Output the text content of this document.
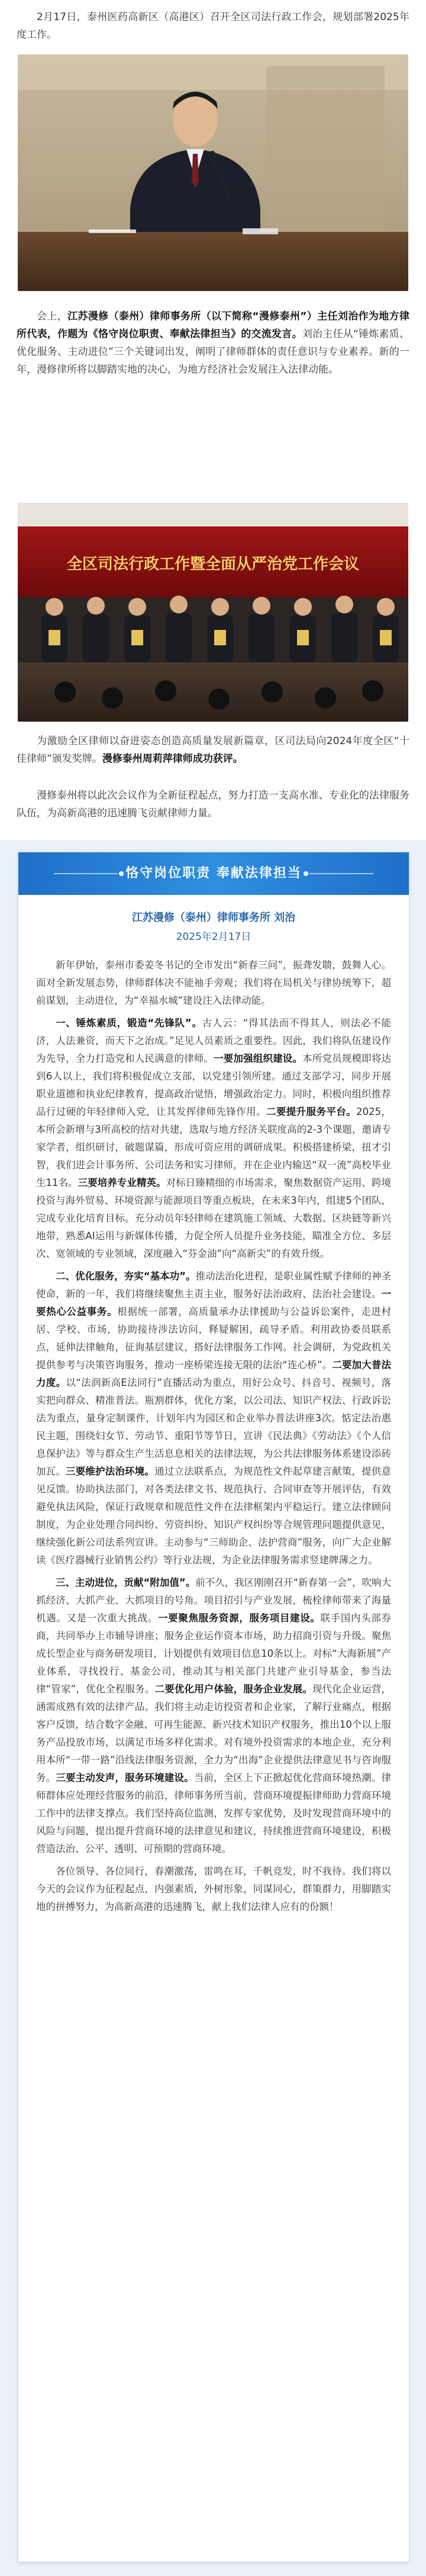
2月17日，泰州医药高新区（高港区）召开全区司法行政工作会，规划部署2025年度工作。

会上，江苏漫修（泰州）律师事务所（以下简称“漫修泰州”）主任刘治作为地方律所代表，作题为《恪守岗位职责、奉献法律担当》的交流发言。刘治主任从“锤炼素质、优化服务、主动进位”三个关键词出发，阐明了律师群体的责任意识与专业素养。新的一年，漫修律所将以脚踏实地的决心，为地方经济社会发展注入法律动能。

全区司法行政工作暨全面从严治党工作会议

为激励全区律师以奋进姿态创造高质量发展新篇章，区司法局向2024年度全区“十佳律师”颁发奖牌。漫修泰州周莉萍律师成功获评。

漫修泰州将以此次会议作为全新征程起点，努力打造一支高水准、专业化的法律服务队伍，为高新高港的迅速腾飞贡献律师力量。

恪守岗位职责 奉献法律担当
江苏漫修（泰州）律师事务所 刘治
2025年2月17日

新年伊始，泰州市委姜冬书记的全市发出“新春三问”，振聋发聩，鼓舞人心。面对全新发展态势，律师群体决不能袖手旁观；我们将在局机关与律协统筹下，超前谋划，主动进位，为“幸福水城”建设注入法律动能。

一、锤炼素质，锻造“先锋队”。古人云：“得其法而不得其人，则法必不能济，人法兼资，而天下之治成。”足见人员素质之重要性。因此，我们将队伍建设作为先导，全力打造党和人民满意的律师。一要加强组织建设。本所党员规模即将达到6人以上，我们将积极促成立支部，以党建引领所建。通过支部学习，同步开展职业道德和执业纪律教育，提高政治觉悟，增强政治定力。同时，积极向组织推荐品行过硬的年轻律师入党，让其发挥律师先锋作用。二要提升服务平台。2025，本所会新增与3所高校的结对共建，选取与地方经济关联度高的2-3个课题，邀请专家学者，组织研讨，破题谋篇，形成可资应用的调研成果。积极搭建桥梁，扭才引智，我们进会计事务所、公司法务和实习律师，并在企业内输送“双一流”高校毕业生11名。三要培养专业精英。对标日臻精细的市场需求，聚焦数据资产运用、跨境投资与海外贸易、环境资源与能源项目等重点板块，在未来3年内，组建5个团队，完成专业化培育目标。充分动员年轻律师在建筑施工领域、大数据、区块链等新兴地带，熟悉AI运用与新媒体传播，力促全所人员提升业务技能，瞄准全方位、多层次、宽领域的专业领域，深度融入“芬金油”向“高新尖”的有效升级。

二、优化服务，夯实“基本功”。推动法治化进程，是职业属性赋予律师的神圣使命，新的一年，我们将继续聚焦主责主业，服务好法治政府、法治社会建设。一要热心公益事务。根据统一部署，高质量承办法律援助与公益诉讼案件，走进村居、学校、市场，协助接待涉法访问，释疑解困，疏导矛盾。利用政协委员联系点，延伸法律触角，征询基层建议，搭好法律服务工作网。社会调研，为党政机关提供参考与决策咨询服务，推动一座桥梁连接无限的法治“连心桥”。二要加大普法力度。以“法润新高E法同行”直播活动为重点，用好公众号、抖音号、视频号，落实把向群众、精准普法。瓶割群体，优化方案，以公司法、知识产权法、行政诉讼法为重点，量身定制课件，计划年内为园区和企业举办普法讲座3次。惦定法治惠民主题，围绕妇女节、劳动节、重阳节等节日，宣讲《民法典》《劳动法》《个人信息保护法》等与群众生产生活息息相关的法律法规，为公共法律服务体系建设添砖加瓦。三要维护法治环境。通过立法联系点，为规范性文件起草建言献策，提供意见反馈。协助执法部门，对各类法律文书、规范执行、合同审查等开展评估，有效避免执法风险，保证行政规章和规范性文件在法律框架内平稳运行。建立法律顾问制度，为企业处理合同纠纷、劳资纠纷、知识产权纠纷等合规管理问题提供意见，继续强化新公司法系列宣讲。主动参与“三师助企、法护营商”服务，向广大企业解读《医疗器械行业销售公约》等行业法规，为企业法律服务需求竖建牌薄之力。

三、主动进位，贡献“附加值”。前不久，我区刚刚召开“新春第一会”，吹响大抓经济、大抓产业、大抓项目的号角。项目招引与产业发展，梳栓律师带来了海量机遇。又是一次重大挑战。一要聚焦服务资源，服务项目建设。联手国内头部券商，共同举办上市辅导讲座；服务企业运作资本市场，助力招商引资与升级。聚焦成长型企业与商务研发项目，计划提供有效项目信息10条以上。对标“大海新展”产业体系，寻找投行、基金公司，推动其与相关部门共建产业引导基金，参当法律“管家”，优化全程服务。二要优化用户体验，服务企业发展。现代化企业运营，涵需成熟有效的法律产品。我们将主动走访投资者和企业家，了解行业痛点，根据客户反馈，结合数字金融、可再生能源、新兴技术知识产权服务，推出10个以上服务产品投放市场，以满足市场多样化需求。对有境外投资需求的本地企业，充分利用本所“一带一路”沿线法律服务资源，全力为“出海”企业提供法律意见书与咨询服务。三要主动发声，服务环境建设。当前，全区上下正掀起优化营商环境热潮。律师群体应处理经营服务的前沿，律师事务所当前，营商环境提振律师助力营商环境工作中的法律支撑点。我们坚持高位监测，发挥专家优势，及时发现营商环境中的风险与问题，提出提升营商环境的法律意见和建议，持续推进营商环境建设，积极营造法治、公平、透明、可预期的营商环境。

各位领导、各位同行，春潮激荡，雷鸣在耳，千帆竞发，时不我待。我们将以今天的会议作为征程起点，内强素质，外树形象，同谋同心，群策群力，用脚踏实地的拼搏努力，为高新高港的迅速腾飞，献上我们法律人应有的份额！
